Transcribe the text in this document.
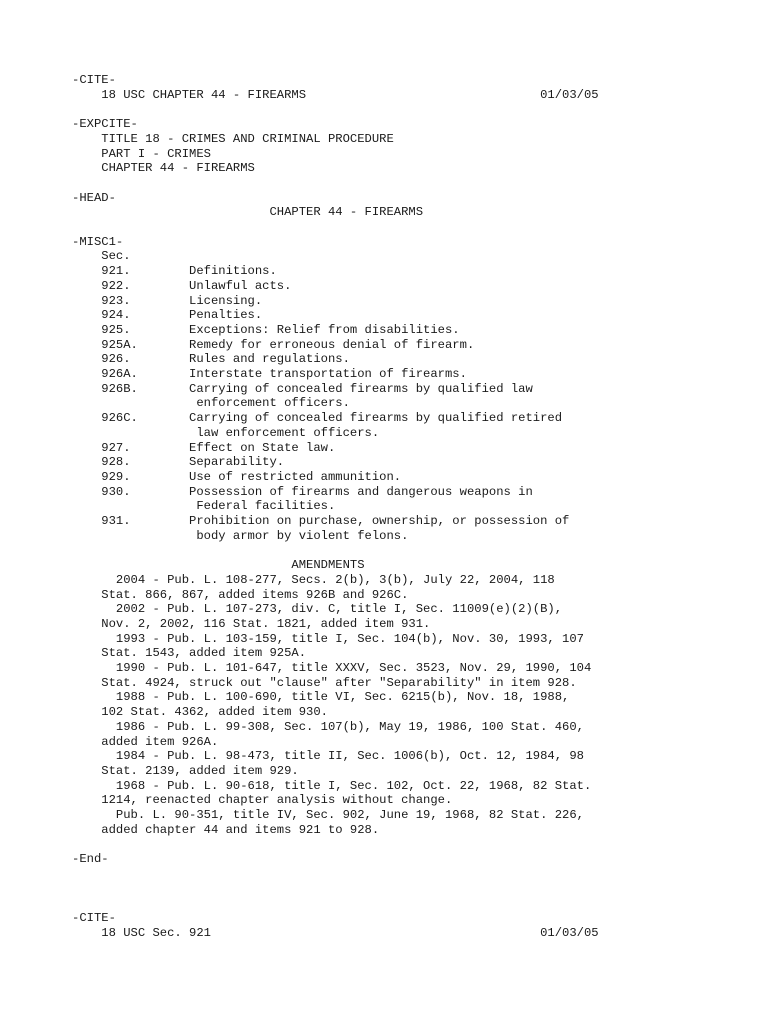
-CITE-
18 USC CHAPTER 44 - FIREARMS                                01/03/05
-EXPCITE-
TITLE 18 - CRIMES AND CRIMINAL PROCEDURE
PART I - CRIMES
CHAPTER 44 - FIREARMS
-HEAD-
CHAPTER 44 - FIREARMS
-MISC1-
Sec.
921.        Definitions.
922.        Unlawful acts.
923.        Licensing.
924.        Penalties.
925.        Exceptions: Relief from disabilities.
925A.       Remedy for erroneous denial of firearm.
926.        Rules and regulations.
926A.       Interstate transportation of firearms.
926B.       Carrying of concealed firearms by qualified law
enforcement officers.
926C.       Carrying of concealed firearms by qualified retired
law enforcement officers.
927.        Effect on State law.
928.        Separability.
929.        Use of restricted ammunition.
930.        Possession of firearms and dangerous weapons in
Federal facilities.
931.        Prohibition on purchase, ownership, or possession of
body armor by violent felons.
AMENDMENTS
2004 - Pub. L. 108-277, Secs. 2(b), 3(b), July 22, 2004, 118
Stat. 866, 867, added items 926B and 926C.
2002 - Pub. L. 107-273, div. C, title I, Sec. 11009(e)(2)(B),
Nov. 2, 2002, 116 Stat. 1821, added item 931.
1993 - Pub. L. 103-159, title I, Sec. 104(b), Nov. 30, 1993, 107
Stat. 1543, added item 925A.
1990 - Pub. L. 101-647, title XXXV, Sec. 3523, Nov. 29, 1990, 104
Stat. 4924, struck out "clause" after "Separability" in item 928.
1988 - Pub. L. 100-690, title VI, Sec. 6215(b), Nov. 18, 1988,
102 Stat. 4362, added item 930.
1986 - Pub. L. 99-308, Sec. 107(b), May 19, 1986, 100 Stat. 460,
added item 926A.
1984 - Pub. L. 98-473, title II, Sec. 1006(b), Oct. 12, 1984, 98
Stat. 2139, added item 929.
1968 - Pub. L. 90-618, title I, Sec. 102, Oct. 22, 1968, 82 Stat.
1214, reenacted chapter analysis without change.
Pub. L. 90-351, title IV, Sec. 902, June 19, 1968, 82 Stat. 226,
added chapter 44 and items 921 to 928.
-End-
-CITE-
18 USC Sec. 921                                             01/03/05
